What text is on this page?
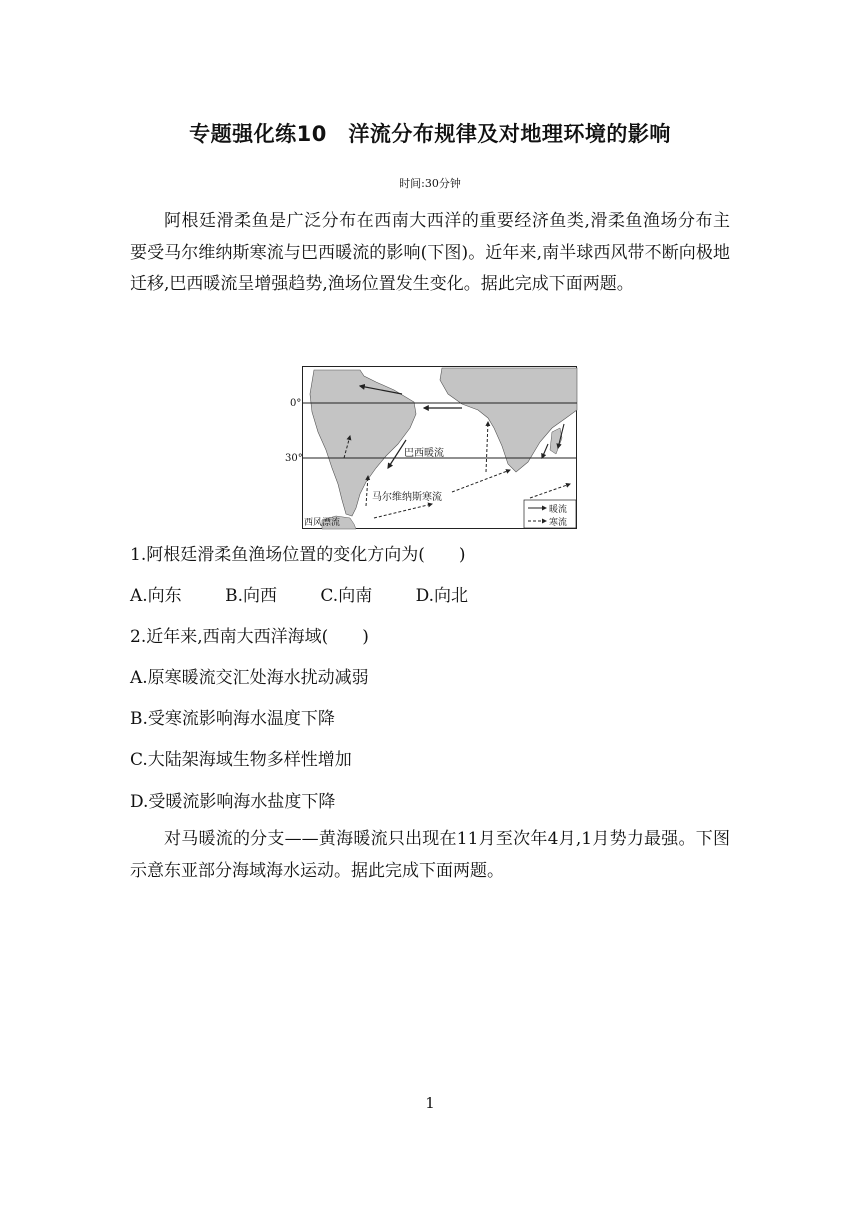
专题强化练10　洋流分布规律及对地理环境的影响
时间:30分钟

阿根廷滑柔鱼是广泛分布在西南大西洋的重要经济鱼类,滑柔鱼渔场分布主要受马尔维纳斯寒流与巴西暖流的影响(下图)。近年来,南半球西风带不断向极地迁移,巴西暖流呈增强趋势,渔场位置发生变化。据此完成下面两题。

0°
30°	巴西暖流
马尔维纳斯寒流
西风漂流
暖流
寒流
1.阿根廷滑柔鱼渔场位置的变化方向为(　　)
A.向东	B.向西	C.向南	D.向北
2.近年来,西南大西洋海域(　　)
A.原寒暖流交汇处海水扰动减弱
B.受寒流影响海水温度下降
C.大陆架海域生物多样性增加
D.受暖流影响海水盐度下降

对马暖流的分支——黄海暖流只出现在11月至次年4月,1月势力最强。下图示意东亚部分海域海水运动。据此完成下面两题。

1
